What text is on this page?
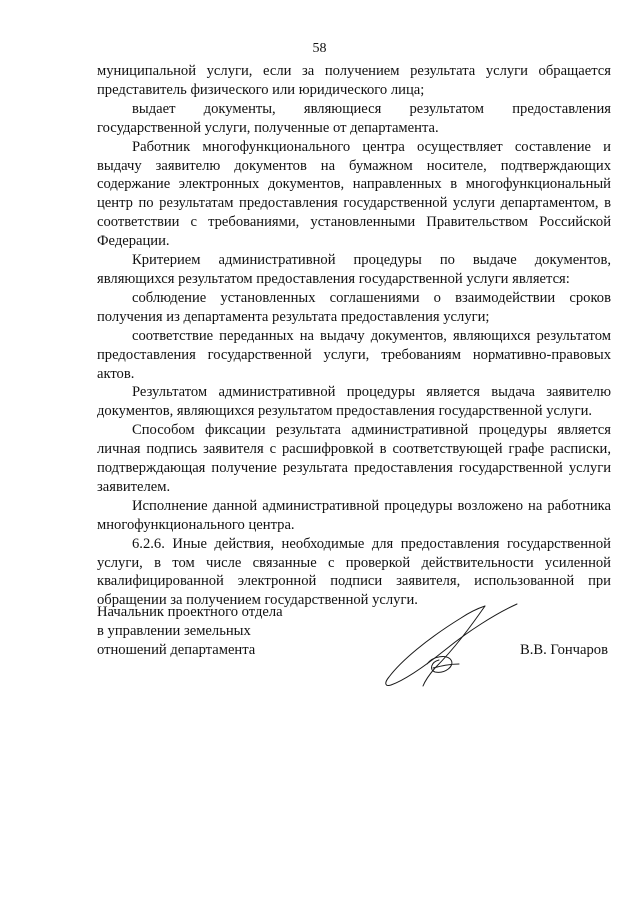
58

муниципальной услуги, если за получением результата услуги обращается представитель физического или юридического лица;

выдает документы, являющиеся результатом предоставления государственной услуги, полученные от департамента.

Работник многофункционального центра осуществляет составление и выдачу заявителю документов на бумажном носителе, подтверждающих содержание электронных документов, направленных в многофункциональный центр по результатам предоставления государственной услуги департаментом, в соответствии с требованиями, установленными Правительством Российской Федерации.

Критерием административной процедуры по выдаче документов, являющихся результатом предоставления государственной услуги является:

соблюдение установленных соглашениями о взаимодействии сроков получения из департамента результата предоставления услуги;

соответствие переданных на выдачу документов, являющихся результатом предоставления государственной услуги, требованиям нормативно-правовых актов.

Результатом административной процедуры является выдача заявителю документов, являющихся результатом предоставления государственной услуги.

Способом фиксации результата административной процедуры является личная подпись заявителя с расшифровкой в соответствующей графе расписки, подтверждающая получение результата предоставления государственной услуги заявителем.

Исполнение данной административной процедуры возложено на работника многофункционального центра.

6.2.6. Иные действия, необходимые для предоставления государственной услуги, в том числе связанные с проверкой действительности усиленной квалифицированной электронной подписи заявителя, использованной при обращении за получением государственной услуги.

Начальник проектного отдела
в управлении земельных
отношений департамента	В.В. Гончаров
